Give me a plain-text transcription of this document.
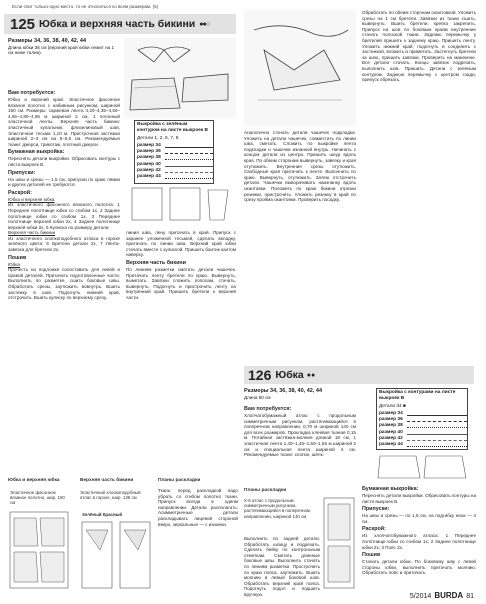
Если спит только-одно место, то не относиться ко всем размерам. (5)
125 Юбка и верхняя часть бикини ●●○
Размеры 34, 36, 38, 40, 42, 44
Длина юбки 36 см (верхний край юбки лежит на 1 см ниже талии).
Вам потребуется:
Юбка и верхний край. Эластичное фасонное вязаное полотно с набивным рисунком, шириной 150 см. Размеры: саржевая лента 4,20–4,35–4,50–4,65–4,80–4,95 м шириной 2 см, 1 погонный эластичной ленты. Верхняя часть бикини: эластичный купальник; флизелиновый шов, Эластичная тесьма 1,10 м. Пристрочная застежка шириной 2–3 см на 5–5,5 см. Рекомендуемые ткани: джерси, трикотаж, плотный джерси.
Бумажная выкройка:
Переснять детали выкройки. Обрисовать контуры с листа выкроек В.
Припуски:
На швы и срезы — 1,5 см, припуски по краю лямки и других деталей не требуются.
Раскрой:
Юбка и верхняя юбка
Из эластичного фасонного вязаного полотна: 1 Переднее полотнище юбки со сгибом 1х, 2 Заднее полотнище юбки со сгибом 1х, 3 Переднее полотнище верхней юбки 2х, 4 Заднее полотнище верхней юбки 2х, 5 Кулиска по размеру детали.
Верхняя часть бикини
Из эластичного хлопкоподобного атласа в горохе зелёного цвета: 6 Бретели детали 2х, 7 Лента-завязка для бретели 2х.
Пошив
Юбка
Прочесть на подложке сопоставить для левой и правой деталей. Притачать подготовленные части. Выполнить по разметке, сшить боковые швы. Обработать срезы, заутюжить вовнутрь. Вшить застежку в шов. Подогнуть нижний край, отстрочить. Вшить кулиску по верхнему срезу.
Выкройка с зелёным контуром на листе выкроек В
Детали 1, 2, 6, 7, 8
размер 34
размер 36
размер 38
размер 40
размер 42
размер 44
линия шва, лену притачать в край. Припуск с заранее уложенной тесьмой, сделать вкладку, притачать по линии шва. Верхний край юбки стачать вместе с кулиской. Пришить бантик кантом наверху.
Верхняя часть бикини
По линиям разметки сметать детали чашечек. Притачать ленту бретели по краю. Вывернуть, выметать. Завязки сложить пополам, стачать, вывернуть. Подогнуть и пристрочить ленту на внутренний край. Пришить бретели к верхней части.
Юбка и верхняя юбка
Эластичное фасонное вязаное полотно, шир. 150 см
Верхняя часть бикини
Эластичный хлопкоподобный атлас в горохе, шир. 135 см
Зелёный Красный
Планы раскладки
Ткань: перед раскладкой надо убрать со сгибом полотно ткани. Припуск всегда в одном направлении. Детали располагать. Асимметричные детали раскладывать лицевой стороной вверх, зеркальные — с изнанки.
Аналогично стачать детали чашечек подкладки. Уложить на детали чашечек, совместить по линии шва, сметать. Сложить по выкройке лента подкладки и чашечки изнанкой внутрь. Начинать с концом детали из центра. Пришить шнур вдоль края. По обеим сторонам вывернуть, завязку и края отутюжить. Внутренние срезы отутюжить. Свободные края притачать к ленте. Выполнить по краю. Вывернуть, отутюжить. Затем отстрочить детали. Чашечки выворачивать наизнанку вдоль окантовки. Положить по краю бикини отрезки резинки, пристрочить. Уложить резинку в край по срезу пройма окантовки. Проверить посадку.
Обработать по обеим сторонам окантовкой. Уложить срезы на 1 см бретели. Завязки из ткани сшить, вывернуть. Вшить бретели, крепко закрепить. Припуск на шов по боковым краям внутренние стачать полоской ткани. Заднюю перемычку у бретелей пришить к заднему краю. Пришить ленту. Уложить нижний край, подогнуть и соединить с застежкой, вложить и приметать. Застегнуть бретели за шею, пришить завязки. Проверить на манекене. Все детали стачать. Концы завязок подрезать, выполнить шов. Пришить. Детали с зелёным контуром. Заднюю перемычку с центром сзади, припуск обрезать.
126 Юбка ●●
Размеры 34, 36, 38, 40, 42, 44
Длина 60 см
Вам потребуется:
Хлопчатобумажный атлас с продольным симметричным рисунком, растягивающийся в поперечном направлении, 0,70 м шириной 140 см для всех размеров. Прокладка клеевая тканая 0,15 м. Потайная застёжка-молния длиной 18 см, 1 эластичная лента 1,40–1,45–1,50–1,55 м шириной 2 см и специальная лента шириной 4 см. Рекомендуемые ткани: хлопок, шёлк.
Планы раскладки
Х-6 атлас с продольным симметричным рисунком, растягивающийся в поперечном направлении, шириной 140 см
Выполнить по задней детали. Обработать шлицу и подрезать. Сделать бейку по контрольным отметкам. Сметать длинные боковые швы. Выполнить стачать по линиям разметки. Прострочить по краю пояса, заутюжить. Вшить молнию в левый боковой шов. Обработать верхний край пояса. Подогнуть подол и подшить вручную.
Выкройка с контурами на листе выкроек В
Детали 34 ■
размер 34
размер 36
размер 38
размер 40
размер 42
размер 44
Бумажная выкройка:
Переснять детали выкройки. Обрисовать контуры на листе выкроек В.
Припуски:
На швы и срезы — по 1,5 см, на подгибку низа — 4 см.
Раскрой:
Из хлопчатобумажного атласа: 1 Переднее полотнище юбки со сгибом 1х, 2 Заднее полотнище юбки 2х, 3 Пояс 2х.
Пошив
Стачать детали юбки. По боковому шву с левой стороны юбки, выполнить притачать молнию. Обработать пояс и притачать.
5/2014 BURDA 81
